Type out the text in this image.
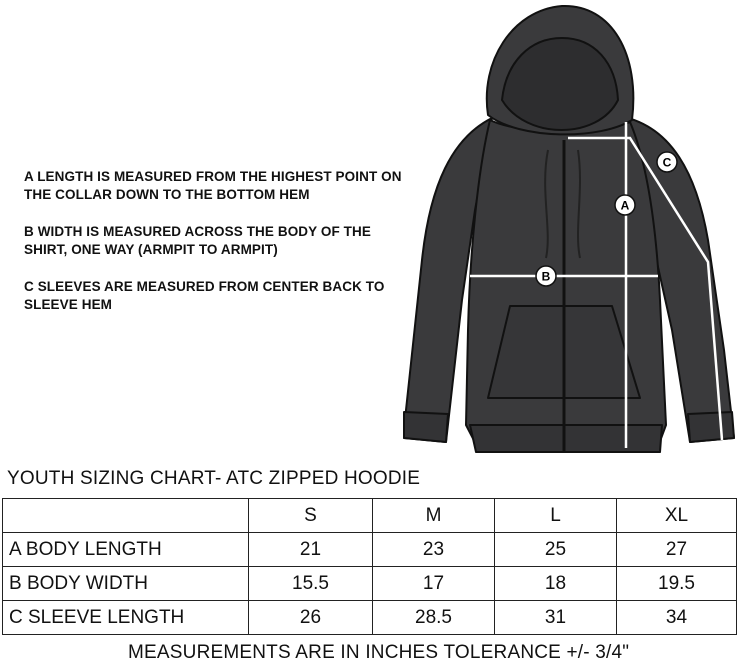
A LENGTH IS MEASURED FROM THE HIGHEST POINT ON THE COLLAR DOWN TO THE BOTTOM HEM

B WIDTH IS MEASURED ACROSS THE BODY OF THE SHIRT, ONE WAY (ARMPIT TO ARMPIT)

C SLEEVES ARE MEASURED FROM CENTER BACK TO SLEEVE HEM

A
B
C
YOUTH SIZING CHART- ATC ZIPPED HOODIE
	S	M	L	XL
A BODY LENGTH	21	23	25	27
B BODY WIDTH	15.5	17	18	19.5
C SLEEVE LENGTH	26	28.5	31	34
MEASUREMENTS ARE IN INCHES TOLERANCE +/- 3/4"
